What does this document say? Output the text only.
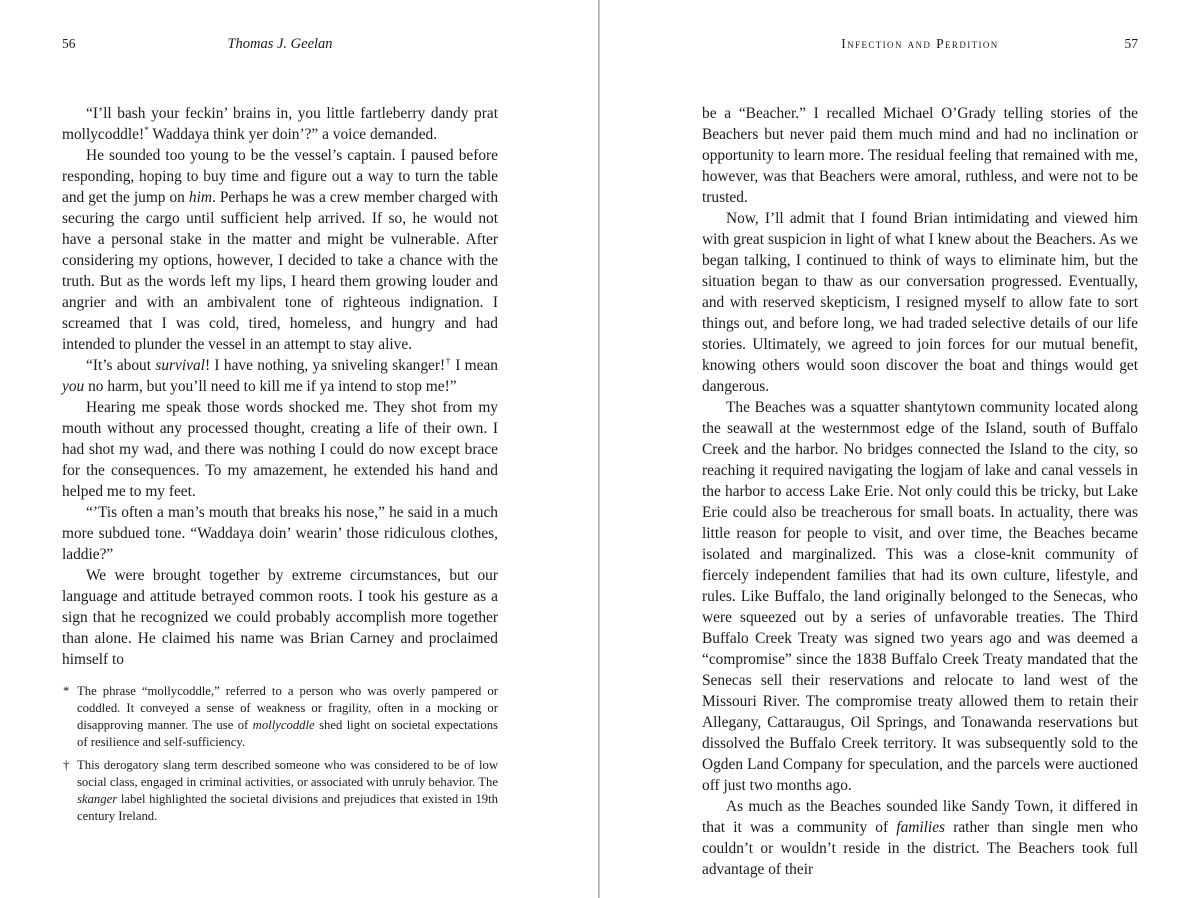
56	Thomas J. Geelan

“I’ll bash your feckin’ brains in, you little fartleberry dandy prat mollycoddle!* Waddaya think yer doin’?” a voice demanded.

He sounded too young to be the vessel’s captain. I paused before responding, hoping to buy time and figure out a way to turn the table and get the jump on him. Perhaps he was a crew member charged with securing the cargo until sufficient help arrived. If so, he would not have a personal stake in the matter and might be vulnerable. After considering my options, however, I decided to take a chance with the truth. But as the words left my lips, I heard them growing louder and angrier and with an ambivalent tone of righteous indignation. I screamed that I was cold, tired, homeless, and hungry and had intended to plunder the vessel in an attempt to stay alive.

“It’s about survival! I have nothing, ya sniveling skanger!† I mean you no harm, but you’ll need to kill me if ya intend to stop me!”

Hearing me speak those words shocked me. They shot from my mouth without any processed thought, creating a life of their own. I had shot my wad, and there was nothing I could do now except brace for the consequences. To my amazement, he extended his hand and helped me to my feet.

“’Tis often a man’s mouth that breaks his nose,” he said in a much more subdued tone. “Waddaya doin’ wearin’ those ridiculous clothes, laddie?”

We were brought together by extreme circumstances, but our language and attitude betrayed common roots. I took his gesture as a sign that he recognized we could probably accomplish more together than alone. He claimed his name was Brian Carney and proclaimed himself to

* The phrase “mollycoddle,” referred to a person who was overly pampered or coddled. It conveyed a sense of weakness or fragility, often in a mocking or disapproving manner. The use of mollycoddle shed light on societal expectations of resilience and self-sufficiency.
† This derogatory slang term described someone who was considered to be of low social class, engaged in criminal activities, or associated with unruly behavior. The skanger label highlighted the societal divisions and prejudices that existed in 19th century Ireland.
Infection and Perdition	57

be a “Beacher.” I recalled Michael O’Grady telling stories of the Beachers but never paid them much mind and had no inclination or opportunity to learn more. The residual feeling that remained with me, however, was that Beachers were amoral, ruthless, and were not to be trusted.

Now, I’ll admit that I found Brian intimidating and viewed him with great suspicion in light of what I knew about the Beachers. As we began talking, I continued to think of ways to eliminate him, but the situation began to thaw as our conversation progressed. Eventually, and with reserved skepticism, I resigned myself to allow fate to sort things out, and before long, we had traded selective details of our life stories. Ultimately, we agreed to join forces for our mutual benefit, knowing others would soon discover the boat and things would get dangerous.

The Beaches was a squatter shantytown community located along the seawall at the westernmost edge of the Island, south of Buffalo Creek and the harbor. No bridges connected the Island to the city, so reaching it required navigating the logjam of lake and canal vessels in the harbor to access Lake Erie. Not only could this be tricky, but Lake Erie could also be treacherous for small boats. In actuality, there was little reason for people to visit, and over time, the Beaches became isolated and marginalized. This was a close-knit community of fiercely independent families that had its own culture, lifestyle, and rules. Like Buffalo, the land originally belonged to the Senecas, who were squeezed out by a series of unfavorable treaties. The Third Buffalo Creek Treaty was signed two years ago and was deemed a “compromise” since the 1838 Buffalo Creek Treaty mandated that the Senecas sell their reservations and relocate to land west of the Missouri River. The compromise treaty allowed them to retain their Allegany, Cattaraugus, Oil Springs, and Tonawanda reservations but dissolved the Buffalo Creek territory. It was subsequently sold to the Ogden Land Company for speculation, and the parcels were auctioned off just two months ago.

As much as the Beaches sounded like Sandy Town, it differed in that it was a community of families rather than single men who couldn’t or wouldn’t reside in the district. The Beachers took full advantage of their
